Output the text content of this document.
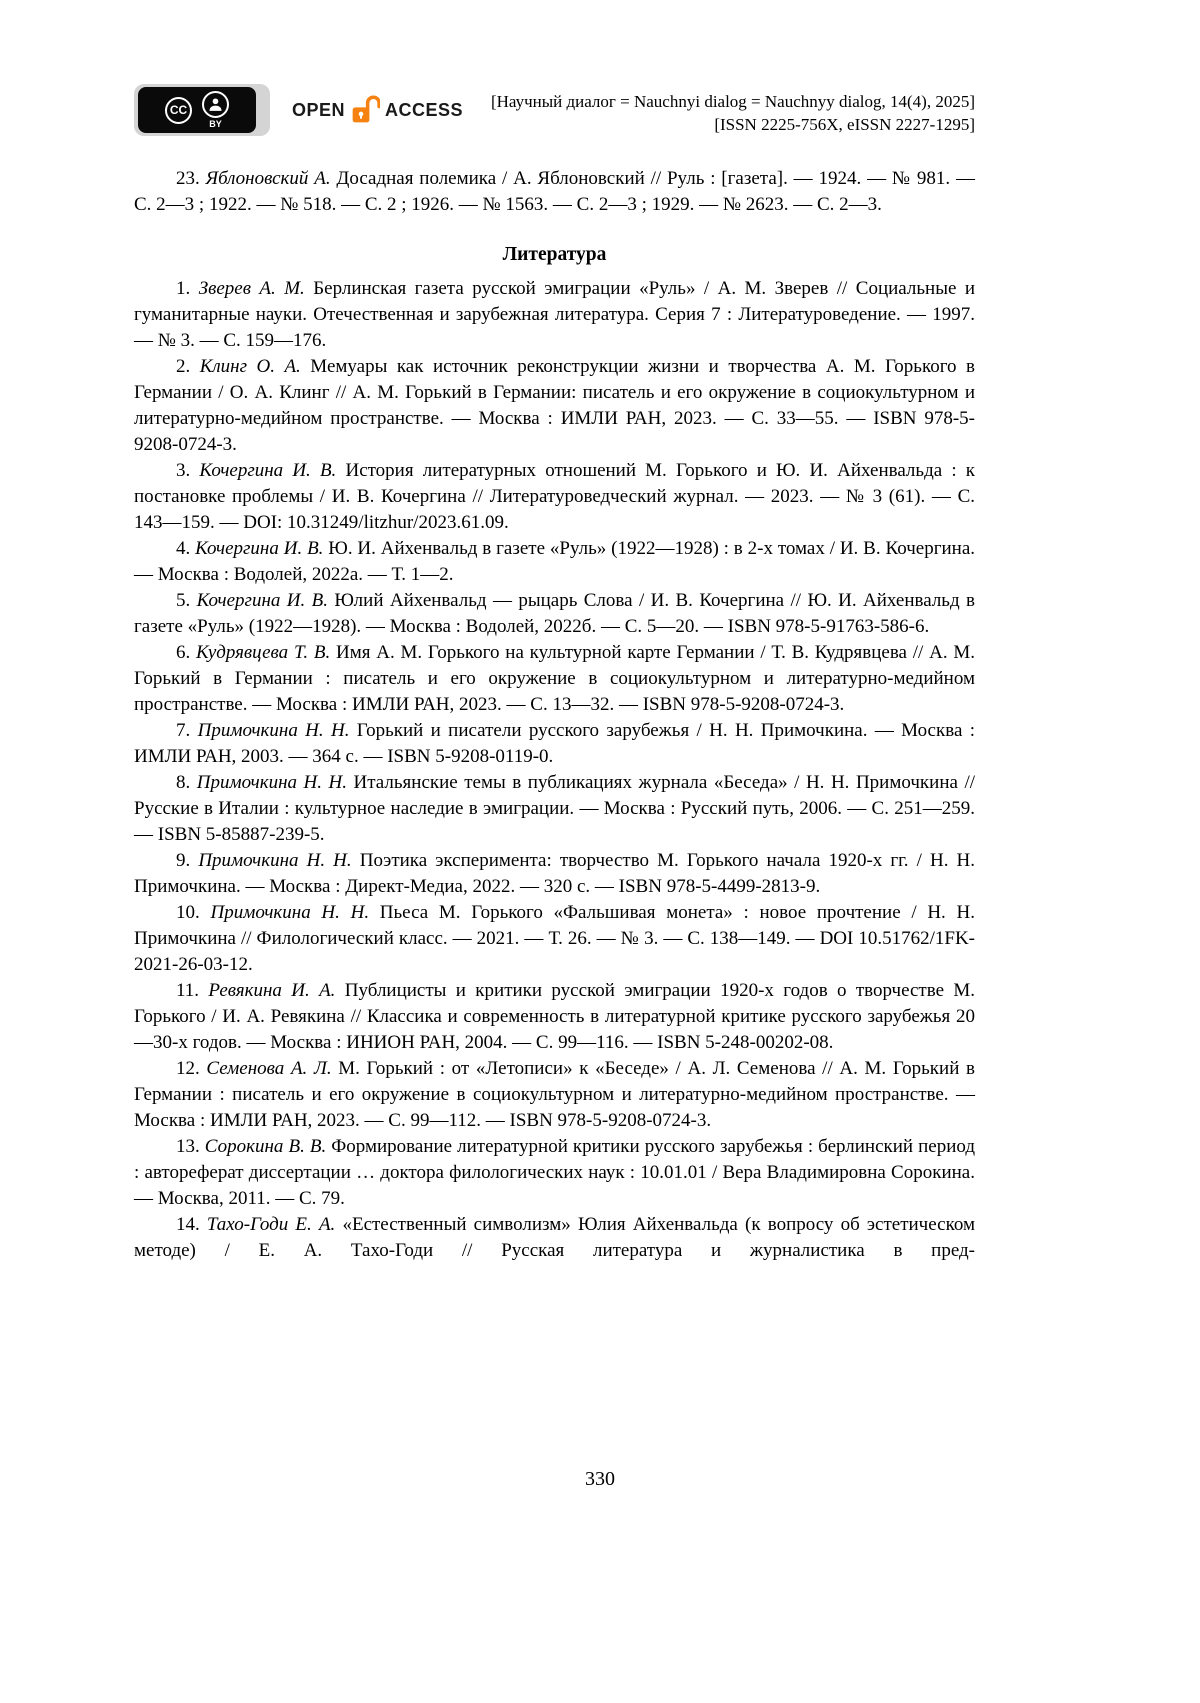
CC
BY
OPEN ACCESS [Научный диалог = Nauchnyi dialog = Nauchnyy dialog, 14(4), 2025]
[ISSN 2225-756X, eISSN 2227-1295]

23. Яблоновский А. Досадная полемика / А. Яблоновский // Руль : [газета]. — 1924. — № 981. — С. 2—3 ; 1922. — № 518. — С. 2 ; 1926. — № 1563. — С. 2—3 ; 1929. — № 2623. — С. 2—3.

Литература

1. Зверев А. М. Берлинская газета русской эмиграции «Руль» / А. М. Зверев // Социальные и гуманитарные науки. Отечественная и зарубежная литература. Серия 7 : Литературоведение. — 1997. — № 3. — С. 159—176.

2. Клинг О. А. Мемуары как источник реконструкции жизни и творчества А. М. Горького в Германии / О. А. Клинг // А. М. Горький в Германии: писатель и его окружение в социокультурном и литературно-медийном пространстве. — Москва : ИМЛИ РАН, 2023. — С. 33—55. — ISBN 978-5-9208-0724-3.

3. Кочергина И. В. История литературных отношений М. Горького и Ю. И. Айхенвальда : к постановке проблемы / И. В. Кочергина // Литературоведческий журнал. — 2023. — № 3 (61). — С. 143—159. — DOI: 10.31249/litzhur/2023.61.09.

4. Кочергина И. В. Ю. И. Айхенвальд в газете «Руль» (1922—1928) : в 2-х томах / И. В. Кочергина. — Москва : Водолей, 2022а. — Т. 1—2.

5. Кочергина И. В. Юлий Айхенвальд — рыцарь Слова / И. В. Кочергина // Ю. И. Айхенвальд в газете «Руль» (1922—1928). — Москва : Водолей, 2022б. — С. 5—20. — ISBN 978-5-91763-586-6.

6. Кудрявцева Т. В. Имя А. М. Горького на культурной карте Германии / Т. В. Кудрявцева // А. М. Горький в Германии : писатель и его окружение в социокультурном и литературно-медийном пространстве. — Москва : ИМЛИ РАН, 2023. — С. 13—32. — ISBN 978-5-9208-0724-3.

7. Примочкина Н. Н. Горький и писатели русского зарубежья / Н. Н. Примочкина. — Москва : ИМЛИ РАН, 2003. — 364 с. — ISBN 5-9208-0119-0.

8. Примочкина Н. Н. Итальянские темы в публикациях журнала «Беседа» / Н. Н. Примочкина // Русские в Италии : культурное наследие в эмиграции. — Москва : Русский путь, 2006. — С. 251—259. — ISBN 5-85887-239-5.

9. Примочкина Н. Н. Поэтика эксперимента: творчество М. Горького начала 1920-х гг. / Н. Н. Примочкина. — Москва : Директ-Медиа, 2022. — 320 с. — ISBN 978-5-4499-2813-9.

10. Примочкина Н. Н. Пьеса М. Горького «Фальшивая монета» : новое прочтение / Н. Н. Примочкина // Филологический класс. — 2021. — Т. 26. — № 3. — С. 138—149. — DOI 10.51762/1FK-2021-26-03-12.

11. Ревякина И. А. Публицисты и критики русской эмиграции 1920-х годов о творчестве М. Горького / И. А. Ревякина // Классика и современность в литературной критике русского зарубежья 20—30-х годов. — Москва : ИНИОН РАН, 2004. — С. 99—116. — ISBN 5-248-00202-08.

12. Семенова А. Л. М. Горький : от «Летописи» к «Беседе» / А. Л. Семенова // А. М. Горький в Германии : писатель и его окружение в социокультурном и литературно-медийном пространстве. — Москва : ИМЛИ РАН, 2023. — С. 99—112. — ISBN 978-5-9208-0724-3.

13. Сорокина В. В. Формирование литературной критики русского зарубежья : берлинский период : автореферат диссертации … доктора филологических наук : 10.01.01 / Вера Владимировна Сорокина. — Москва, 2011. — С. 79.

14. Тахо-Годи Е. А. «Естественный символизм» Юлия Айхенвальда (к вопросу об эстетическом методе) / Е. А. Тахо-Годи // Русская литература и журналистика в пред-

330
